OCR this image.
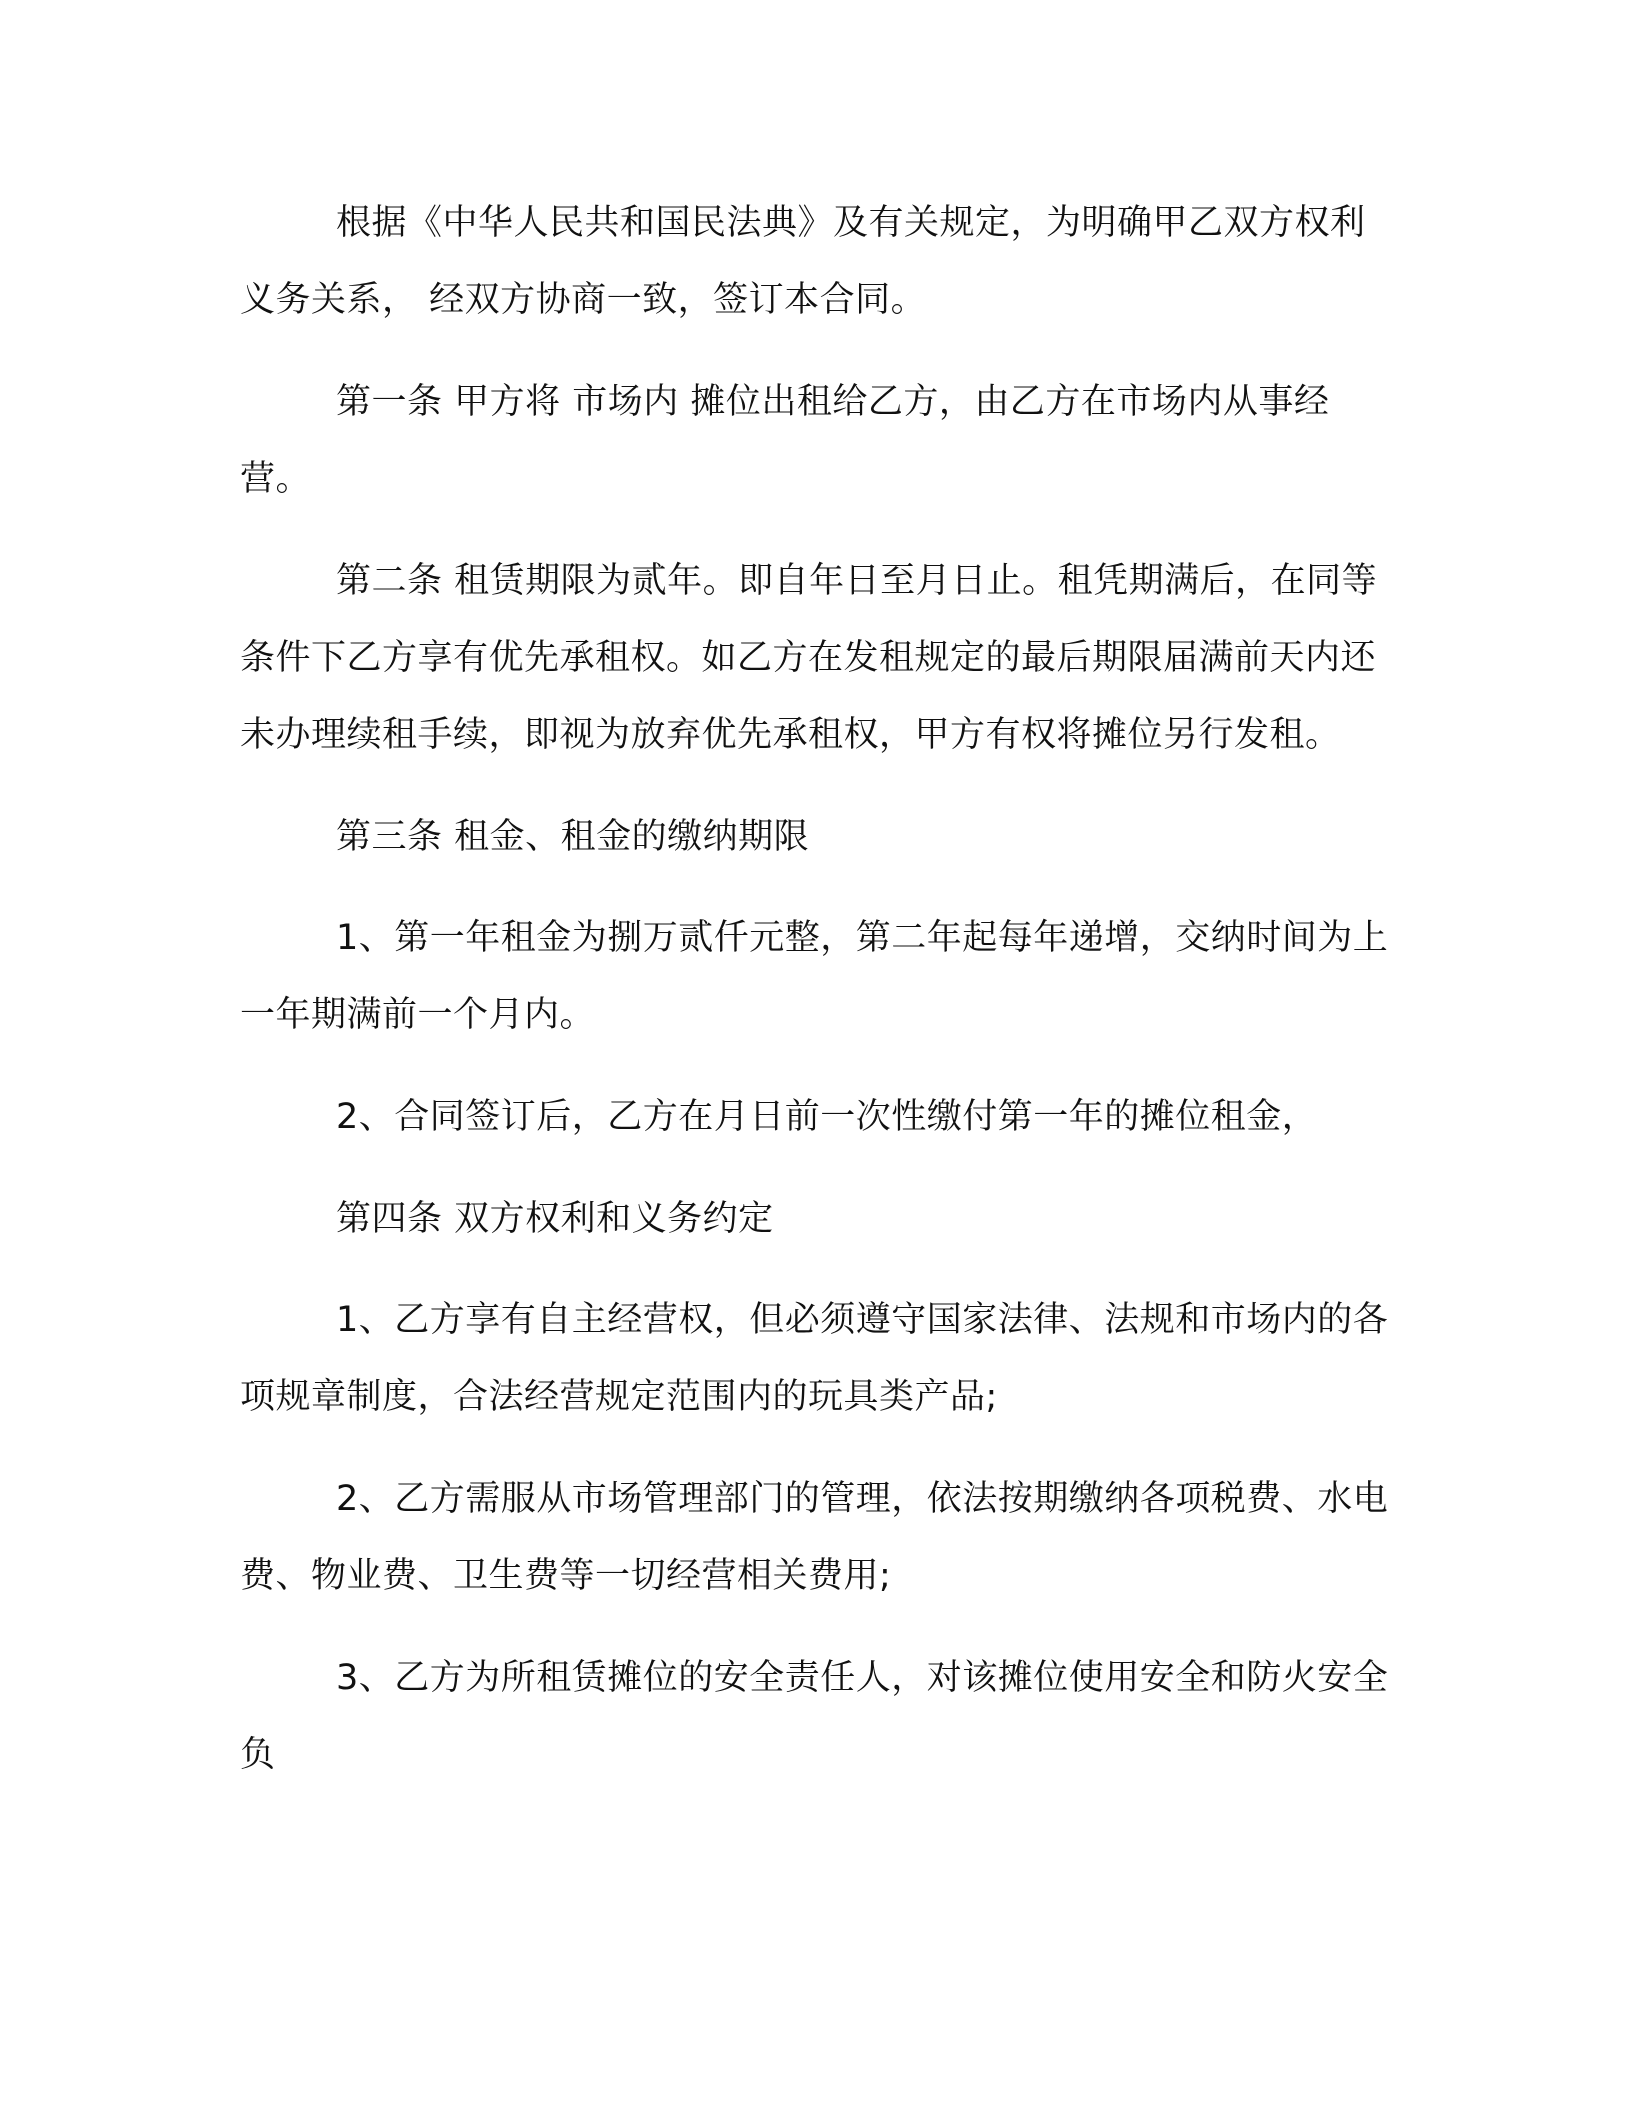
根据《中华人民共和国民法典》及有关规定，为明确甲乙双方权利义务关系， 经双方协商一致，签订本合同。

第一条 甲方将 市场内 摊位出租给乙方，由乙方在市场内从事经营。

第二条 租赁期限为贰年。即自年日至月日止。租凭期满后，在同等条件下乙方享有优先承租权。如乙方在发租规定的最后期限届满前天内还未办理续租手续，即视为放弃优先承租权，甲方有权将摊位另行发租。

第三条 租金、租金的缴纳期限

1、第一年租金为捌万贰仟元整，第二年起每年递增，交纳时间为上一年期满前一个月内。

2、合同签订后，乙方在月日前一次性缴付第一年的摊位租金，

第四条 双方权利和义务约定

1、乙方享有自主经营权，但必须遵守国家法律、法规和市场内的各项规章制度，合法经营规定范围内的玩具类产品;

2、乙方需服从市场管理部门的管理，依法按期缴纳各项税费、水电费、物业费、卫生费等一切经营相关费用;

3、乙方为所租赁摊位的安全责任人，对该摊位使用安全和防火安全负
